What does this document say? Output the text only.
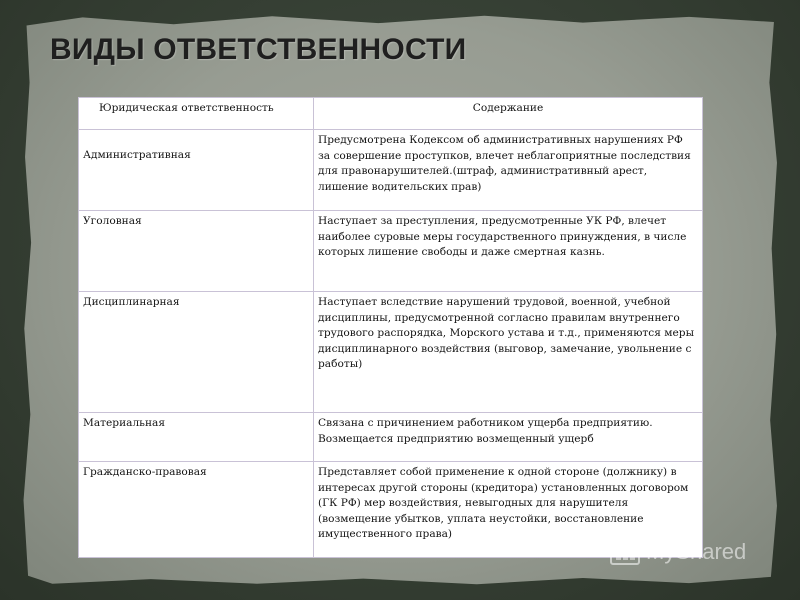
ВИДЫ ОТВЕТСТВЕННОСТИ
Юридическая ответственность	Содержание
Административная	Предусмотрена Кодексом об административных нарушениях РФ за совершение проступков, влечет неблагоприятные последствия для правонарушителей.(штраф, административный арест, лишение водительских прав)
Уголовная	Наступает за преступления, предусмотренные УК РФ, влечет наиболее суровые меры государственного принуждения, в числе которых лишение свободы и даже смертная казнь.
Дисциплинарная	Наступает вследствие нарушений трудовой, военной, учебной дисциплины, предусмотренной согласно правилам внутреннего трудового распорядка, Морского устава и т.д., применяются меры дисциплинарного воздействия (выговор, замечание, увольнение с работы)
Материальная	Связана с причинением работником ущерба предприятию. Возмещается предприятию возмещенный ущерб
Гражданско-правовая	Представляет собой применение к одной стороне (должнику) в интересах другой стороны (кредитора) установленных договором (ГК РФ) мер воздействия, невыгодных для нарушителя (возмещение убытков, уплата неустойки, восстановление имущественного права)
MyShared
